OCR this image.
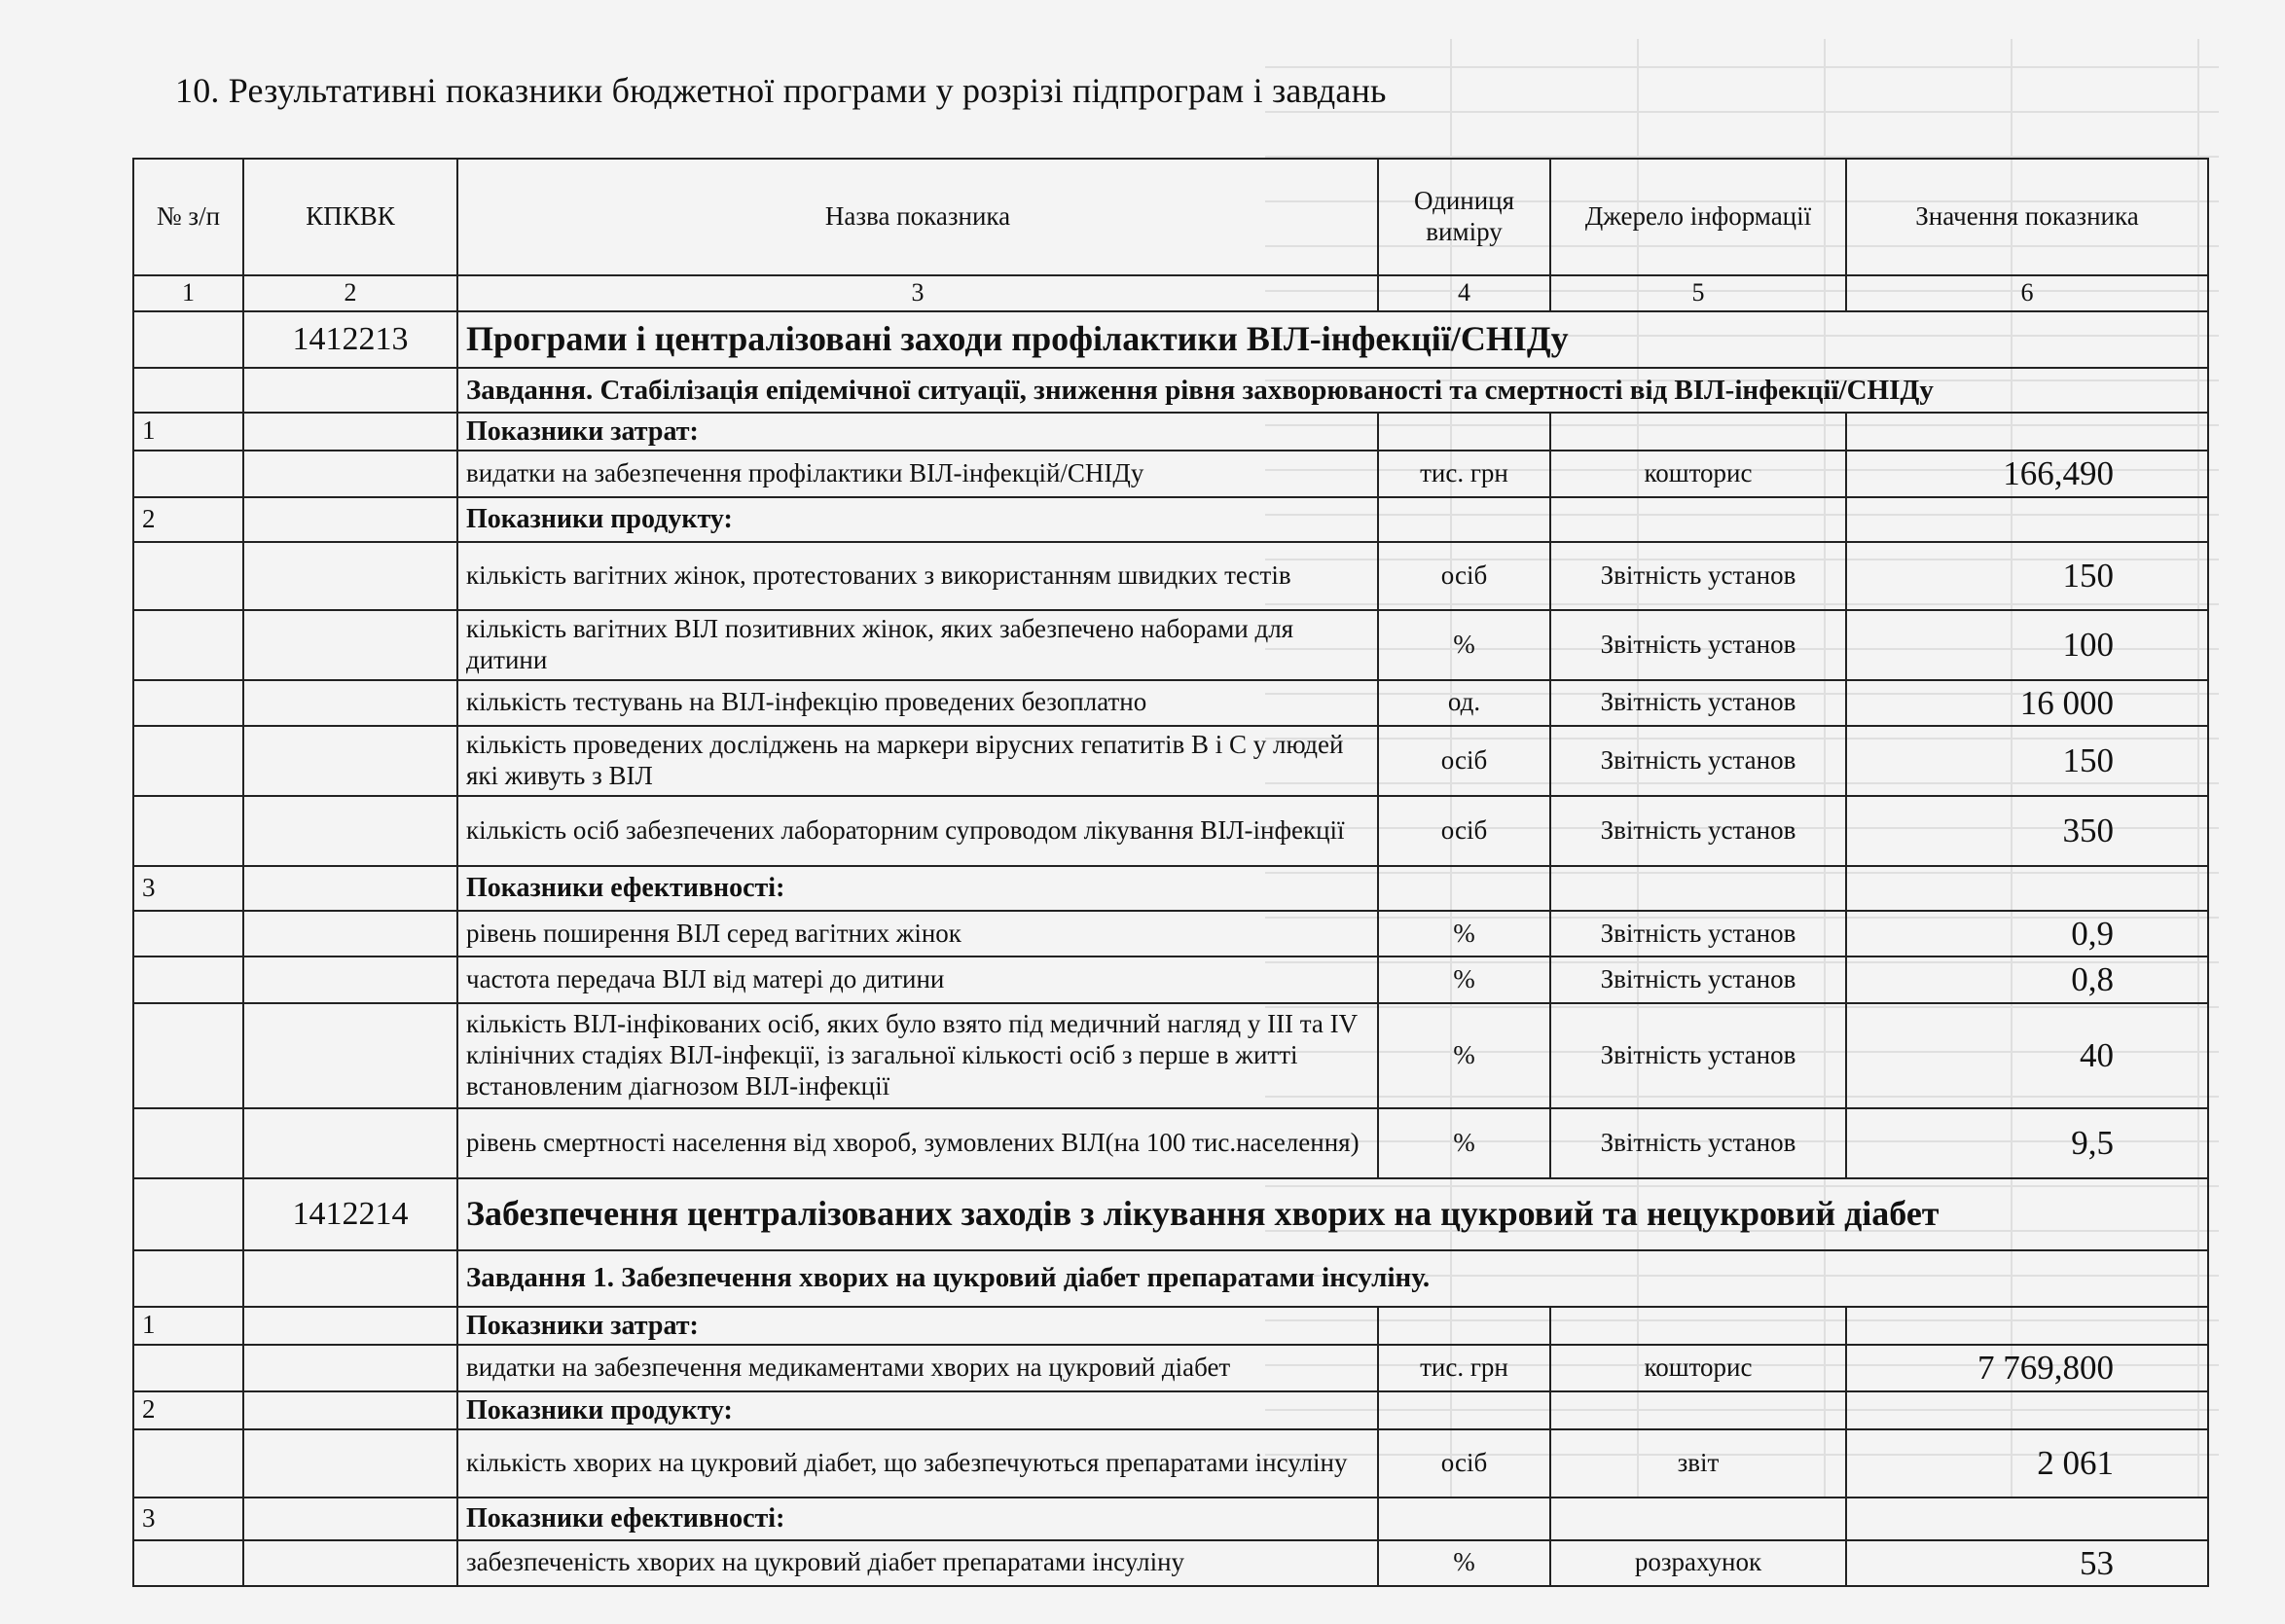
10. Результативні показники бюджетної програми у розрізі підпрограм і завдань
№ з/п	КПКВК	Назва показника	Одиниця виміру	Джерело інформації	Значення показника
1	2	3	4	5	6
	1412213	Програми і централізовані заходи профілактики ВІЛ-інфекції/СНІДу			
		Завдання. Стабілізація епідемічної ситуації, зниження рівня захворюваності та смертності від ВІЛ-інфекції/СНІДу			
1		Показники затрат:			
		видатки на забезпечення профілактики ВІЛ-інфекцій/СНІДу	тис. грн	кошторис	166,490
2		Показники продукту:			
		кількість вагітних жінок, протестованих з використанням швидких тестів	осіб	Звітність установ	150
		кількість вагітних ВІЛ позитивних жінок, яких забезпечено наборами для дитини	%	Звітність установ	100
		кількість тестувань на ВІЛ-інфекцію проведених безоплатно	од.	Звітність установ	16 000
		кількість проведених досліджень на маркери вірусних гепатитів В і С у людей які живуть з ВІЛ	осіб	Звітність установ	150
		кількість осіб забезпечених лабораторним супроводом лікування ВІЛ-інфекції	осіб	Звітність установ	350
3		Показники ефективності:			
		рівень поширення ВІЛ серед вагітних жінок	%	Звітність установ	0,9
		частота передача ВІЛ від матері до дитини	%	Звітність установ	0,8
		кількість ВІЛ-інфікованих осіб, яких було взято під медичний нагляд у ІІІ та IV клінічних стадіях ВІЛ-інфекції, із загальної кількості осіб з перше в житті встановленим діагнозом ВІЛ-інфекції	%	Звітність установ	40
		рівень смертності населення від хвороб, зумовлених ВІЛ(на 100 тис.населення)	%	Звітність установ	9,5
	1412214	Забезпечення централізованих заходів з лікування хворих на цукровий та нецукровий діабет			
		Завдання 1. Забезпечення хворих на цукровий діабет препаратами інсуліну.			
1		Показники затрат:			
		видатки на забезпечення медикаментами хворих на цукровий діабет	тис. грн	кошторис	7 769,800
2		Показники продукту:			
		кількість хворих на цукровий діабет, що забезпечуються препаратами інсуліну	осіб	звіт	2 061
3		Показники ефективності:			
		забезпеченість хворих на цукровий діабет препаратами інсуліну	%	розрахунок	53
